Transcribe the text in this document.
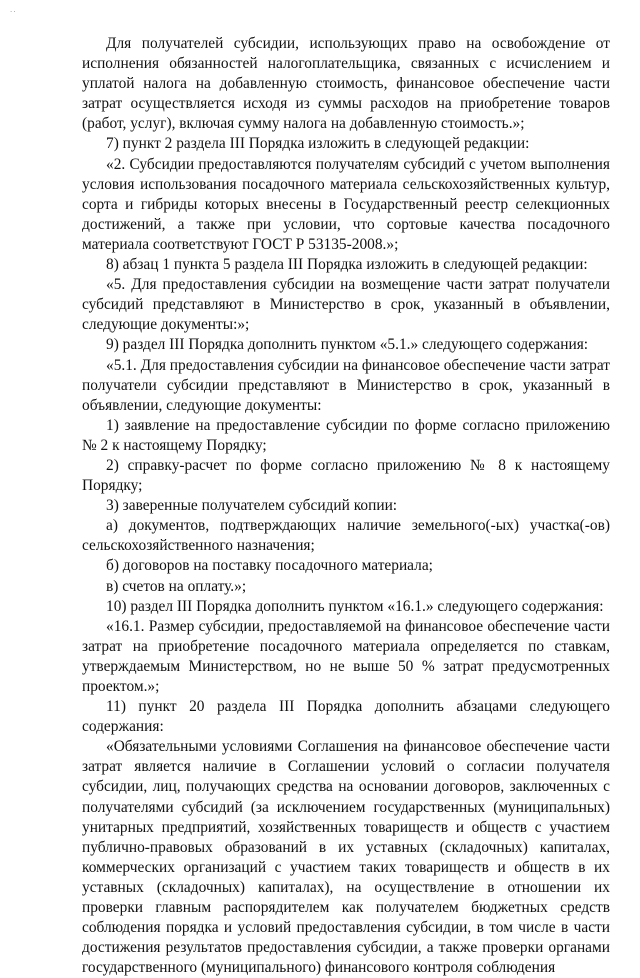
..

Для получателей субсидии, использующих право на освобождение от исполнения обязанностей налогоплательщика, связанных с исчислением и уплатой налога на добавленную стоимость, финансовое обеспечение части затрат осуществляется исходя из суммы расходов на приобретение товаров (работ, услуг), включая сумму налога на добавленную стоимость.»;

7) пункт 2 раздела III Порядка изложить в следующей редакции:

«2. Субсидии предоставляются получателям субсидий с учетом выполнения условия использования посадочного материала сельскохозяйственных культур, сорта и гибриды которых внесены в Государственный реестр селекционных достижений, а также при условии, что сортовые качества посадочного материала соответствуют ГОСТ Р 53135-2008.»;

8) абзац 1 пункта 5 раздела III Порядка изложить в следующей редакции:

«5. Для предоставления субсидии на возмещение части затрат получатели субсидий представляют в Министерство в срок, указанный в объявлении, следующие документы:»;

9) раздел III Порядка дополнить пунктом «5.1.» следующего содержания:

«5.1. Для предоставления субсидии на финансовое обеспечение части затрат получатели субсидии представляют в Министерство в срок, указанный в объявлении, следующие документы:

1) заявление на предоставление субсидии по форме согласно приложению № 2 к настоящему Порядку;

2) справку-расчет по форме согласно приложению № 8 к настоящему Порядку;

3) заверенные получателем субсидий копии:

а) документов, подтверждающих наличие земельного(-ых) участка(-ов) сельскохозяйственного назначения;

б) договоров на поставку посадочного материала;

в) счетов на оплату.»;

10) раздел III Порядка дополнить пунктом «16.1.» следующего содержания:

«16.1. Размер субсидии, предоставляемой на финансовое обеспечение части затрат на приобретение посадочного материала определяется по ставкам, утверждаемым Министерством, но не выше 50 % затрат предусмотренных проектом.»;

11) пункт 20 раздела III Порядка дополнить абзацами следующего содержания:

«Обязательными условиями Соглашения на финансовое обеспечение части затрат является наличие в Соглашении условий о согласии получателя субсидии, лиц, получающих средства на основании договоров, заключенных с получателями субсидий (за исключением государственных (муниципальных) унитарных предприятий, хозяйственных товариществ и обществ с участием публично-правовых образований в их уставных (складочных) капиталах, коммерческих организаций с участием таких товариществ и обществ в их уставных (складочных) капиталах), на осуществление в отношении их проверки главным распорядителем как получателем бюджетных средств соблюдения порядка и условий предоставления субсидии, в том числе в части достижения результатов предоставления субсидии, а также проверки органами государственного (муниципального) финансового контроля соблюдения
